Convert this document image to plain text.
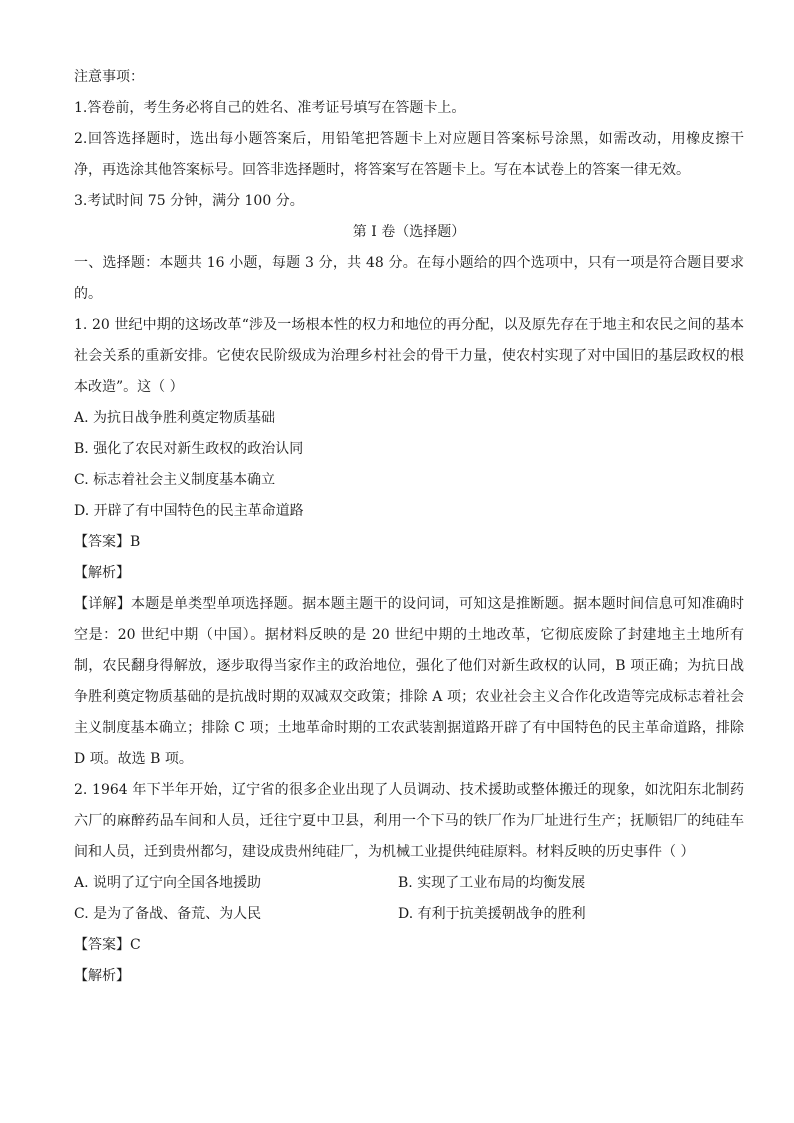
注意事项：
1.答卷前，考生务必将自己的姓名、准考证号填写在答题卡上。
2.回答选择题时，选出每小题答案后，用铅笔把答题卡上对应题目答案标号涂黑，如需改动，用橡皮擦干净，再选涂其他答案标号。回答非选择题时，将答案写在答题卡上。写在本试卷上的答案一律无效。
3.考试时间 75 分钟，满分 100 分。
第 I 卷（选择题）
一、选择题：本题共 16 小题，每题 3 分，共 48 分。在每小题给的四个选项中，只有一项是符合题目要求的。
1. 20 世纪中期的这场改革“涉及一场根本性的权力和地位的再分配，以及原先存在于地主和农民之间的基本社会关系的重新安排。它使农民阶级成为治理乡村社会的骨干力量，使农村实现了对中国旧的基层政权的根本改造”。这（ ）
A. 为抗日战争胜利奠定物质基础
B. 强化了农民对新生政权的政治认同
C. 标志着社会主义制度基本确立
D. 开辟了有中国特色的民主革命道路
【答案】B
【解析】
【详解】本题是单类型单项选择题。据本题主题干的设问词，可知这是推断题。据本题时间信息可知准确时空是：20 世纪中期（中国）。据材料反映的是 20 世纪中期的土地改革，它彻底废除了封建地主土地所有制，农民翻身得解放，逐步取得当家作主的政治地位，强化了他们对新生政权的认同，B 项正确；为抗日战争胜利奠定物质基础的是抗战时期的双减双交政策；排除 A 项；农业社会主义合作化改造等完成标志着社会主义制度基本确立；排除 C 项；土地革命时期的工农武装割据道路开辟了有中国特色的民主革命道路，排除 D 项。故选 B 项。
2. 1964 年下半年开始，辽宁省的很多企业出现了人员调动、技术援助或整体搬迁的现象，如沈阳东北制药六厂的麻醉药品车间和人员，迁往宁夏中卫县，利用一个下马的铁厂作为厂址进行生产；抚顺铝厂的纯硅车间和人员，迁到贵州都匀，建设成贵州纯硅厂，为机械工业提供纯硅原料。材料反映的历史事件（ ）
A. 说明了辽宁向全国各地援助	B. 实现了工业布局的均衡发展
C. 是为了备战、备荒、为人民	D. 有利于抗美援朝战争的胜利
【答案】C
【解析】
